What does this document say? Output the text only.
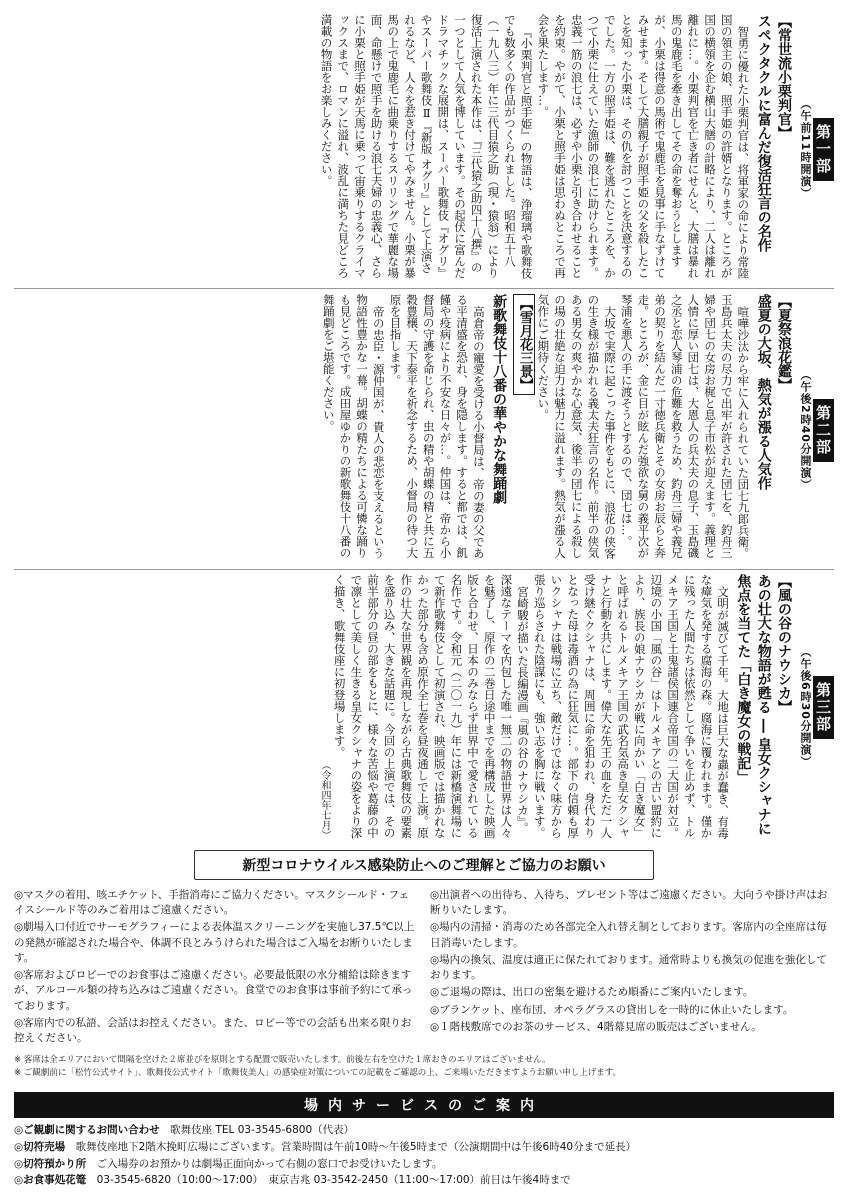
第一部
（午前11時開演）
【常世流小栗判官】
スペクタクルに富んだ復活狂言の名作
智勇に優れた小栗判官は、将軍家の命により常陸国の領主の娘、照手姫の許婿となります。ところが国の横領を企む横山大膳の計略により、二人は離れ離れに…。小栗判官を亡き者にせんと、大膳は暴れ馬の鬼鹿毛を牽き出してその命を奪おうとしますが、小栗は得意の馬術で鬼鹿毛を見事に手なずけてみせます。そして大膳親子が照手姫の父を殺したことを知った小栗は、その仇を討つことを決意するのでした。一方の照手姫は、難を逃れたところを、かつて小栗に仕えていた漁師の浪七に助けられます。忠義一筋の浪七は、必ずや小栗と引き合わせることを約束。やがて、小栗と照手姫は思わぬところで再会を果たします…。
『小栗判官と照手姫』の物語は、浄瑠璃や歌舞伎でも数多くの作品がつくられました。昭和五十八（一九八三）年に三代目猿之助（現・猿翁）により復活上演された本作は、『三代猿之助四十八撰』の一つとして人気を博しています。その起伏に富んだドラマチックな展開は、スーパー歌舞伎『オグリ』やスーパー歌舞伎Ⅱ『新版 オグリ』として上演されるなど、人々を惹き付けてやみません。小栗が暴馬の上で鬼鹿毛に曲乗りするスリリングで華麗な場面、命懸けで照手を助ける浪七夫婦の忠義心、さらに小栗と照手姫が天馬に乗って宙乗りするクライマックスまで、ロマンに溢れ、波乱に満ちた見どころ満載の物語をお楽しみください。
第二部
（午後2時40分開演）
【夏祭浪花鑑】
盛夏の大坂、熱気が漲る人気作
喧嘩沙汰から牢に入れられていた団七九郎兵衛。玉島兵太夫の尽力で出牢が許された団七を、釣舟三婦や団七の女房お梶と息子市松が迎えます。義理と人情に厚い団七は、大恩人の兵太夫の息子、玉島磯之丞と恋人琴浦の危難を救うため、釣舟三婦や義兄弟の契りを結んだ一寸徳兵衛とその女房お辰らと奔走。ところが、金に目が眩んだ強欲な舅の義平次が琴浦を悪人の手に渡そうとするので、団七は…。
大坂で実際に起こった事件をもとに、浪花の侠客の生き様が描かれる義太夫狂言の名作。前半の侠気ある男女の爽やかな心意気、後半の団七による殺しの場の壮絶な迫力は魅力に溢れます。熱気が漲る人気作にご期待ください。
【雪月花三景】
新歌舞伎十八番の華やかな舞踊劇
高倉帝の寵愛を受ける小督局は、帝の妻の父である平清盛を恐れ、身を隠します。すると都では、飢饉や疫病により不安な日々が…。仲国は、帝から小督局の守護を命じられ、虫の精や胡蝶の精と共に五穀豊穣、天下泰平を祈念するため、小督局の待つ大原を目指します。
帝の忠臣・源仲国が、貴人の悲恋を支えるという物語性豊かな一幕。胡蝶の精たちによる可憐な踊りも見どころです。成田屋ゆかりの新歌舞伎十八番の舞踊劇をご堪能ください。
第三部
（午後6時30分開演）
【風の谷のナウシカ】
あの壮大な物語が甦る ― 皇女クシャナに焦点を当てた「白き魔女の戦記」
文明が滅びて千年。大地は巨大な蟲が蠢き、有毒な瘴気を発する腐海の森。腐海に覆われます。僅かに残った人間たちは依然として争いを止めず、トルメキア王国と土鬼諸侯国連合帝国の二大国が対立。辺境の小国「風の谷」はトルメキアとの古い盟約により、族長の娘ナウシカが戦に向かい「白き魔女」と呼ばれるトルメキア王国の武名気高き皇女クシャナと行動を共にします。偉大な先王の血をただ一人受け継ぐクシャナは、周囲に命を狙われ、身代わりとなった母は毒酒の為に狂気に…。部下の信頼も厚いクシャナは戦場に立ち、敵だけではなく味方から張り巡らされた陰謀にも、強い志を胸に戦います。
宮崎駿が描いた長編漫画『風の谷のナウシカ』。深遠なテーマを内包した唯一無二の物語世界は人々を魅了し、原作の二巻日途中までを再構成した映画版と合わせ、日本のみならず世界中で愛されている名作です。令和元（二〇一九）年には新橋演舞場にて新作歌舞伎として初演され、映画版では描かれなかった部分も含め原作全七巻を昼夜通しで上演。原作の壮大な世界観を再現しながら古典歌舞伎の要素を盛り込み、大きな話題に。今回の上演では、その前半部分の昼の部をもとに、様々な苦悩や葛藤の中で凛として美しく生きる皇女クシャナの姿をより深く描き、歌舞伎座に初登場します。
（令和四年七月）
新型コロナウイルス感染防止へのご理解とご協力のお願い
◎マスクの着用、咳エチケット、手指消毒にご協力ください。マスクシールド・フェイスシールド等のみご着用はご遠慮ください。
◎劇場入口付近でサーモグラフィーによる表体温スクリーニングを実施し37.5℃以上の発熱が確認された場合や、体調不良とみうけられた場合はご入場をお断りいたします。
◎客席およびロビーでのお食事はご遠慮ください。必要最低限の水分補給は除きますが、アルコール類の持ち込みはご遠慮ください。食堂でのお食事は事前予約にて承っております。
◎客席内での私語、会話はお控えください。また、ロビー等での会話も出来る限りお控えください。
◎出演者への出待ち、入待ち、プレゼント等はご遠慮ください。大向うや掛け声はお断りいたします。
◎場内の清掃・消毒のため各部完全入れ替え制としております。客席内の全座席は毎日消毒いたします。
◎場内の換気、温度は適正に保たれております。通常時よりも換気の促進を強化しております。
◎ご退場の際は、出口の密集を避けるため順番にご案内いたします。
◎ブランケット、座布団、オペラグラスの貸出しを一時的に休止いたします。
◎１階桟敷席でのお茶のサービス、4階幕見席の販売はございません。
※ 客席は全エリアにおいて間隔を空けた２席並びを原則とする配置で販売いたします。前後左右を空けた１席おきのエリアはございません。
※ ご観劇前に「松竹公式サイト」、歌舞伎公式サイト「歌舞伎美人」の感染症対策についての記載をご確認の上、ご来場いただきますようお願い申し上げます。
場内サービスのご案内
◎ご観劇に関するお問い合わせ　 歌舞伎座 TEL 03-3545-6800（代表）
◎切符売場　 歌舞伎座地下2階木挽町広場にございます。営業時間は午前10時〜午後5時まで（公演期間中は午後6時40分まで延長）
◎切符預かり所　 ご入場券のお預かりは劇場正面向かって右側の窓口でお受けいたします。
◎お食事処花篭　 03-3545-6820（10:00〜17:00）　東京吉兆 03-3542-2450（11:00〜17:00）前日は午後4時まで
